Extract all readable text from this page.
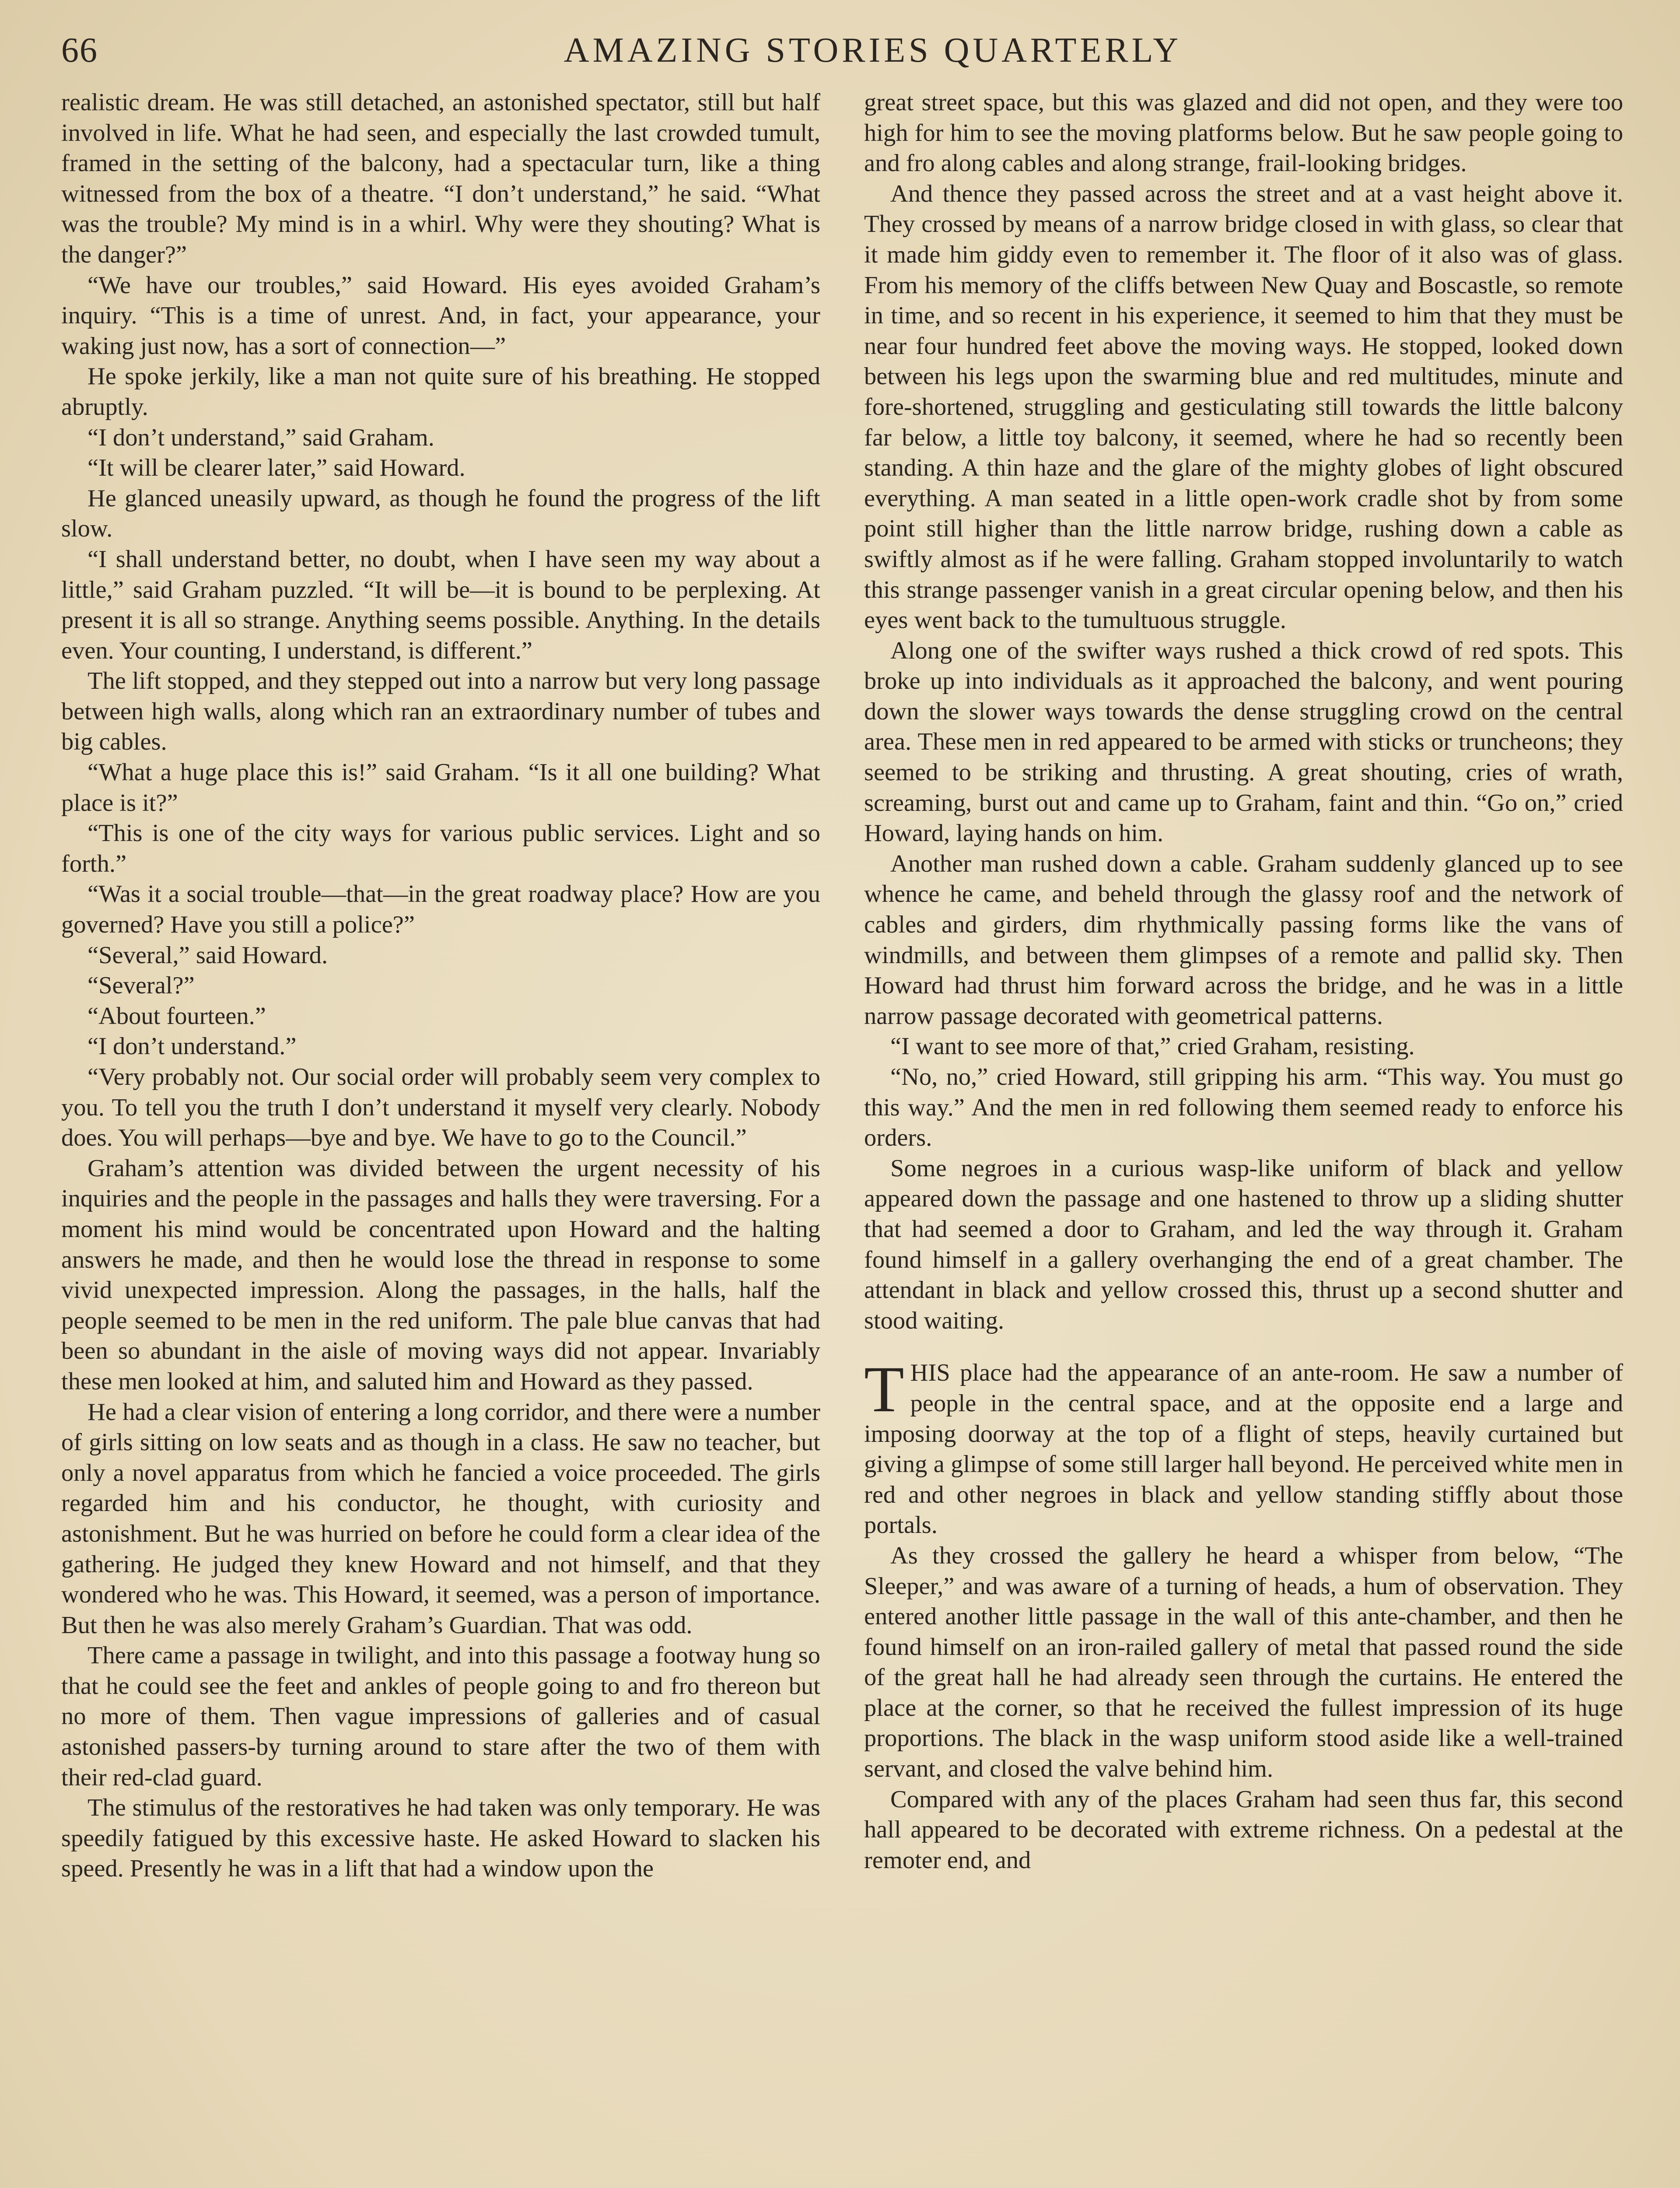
66	AMAZING STORIES QUARTERLY

realistic dream. He was still detached, an astonished spectator, still but half involved in life. What he had seen, and especially the last crowded tumult, framed in the setting of the balcony, had a spectacular turn, like a thing witnessed from the box of a theatre. “I don’t understand,” he said. “What was the trouble? My mind is in a whirl. Why were they shouting? What is the danger?”

“We have our troubles,” said Howard. His eyes avoided Graham’s inquiry. “This is a time of unrest. And, in fact, your appearance, your waking just now, has a sort of connection—”

He spoke jerkily, like a man not quite sure of his breathing. He stopped abruptly.

“I don’t understand,” said Graham.

“It will be clearer later,” said Howard.

He glanced uneasily upward, as though he found the progress of the lift slow.

“I shall understand better, no doubt, when I have seen my way about a little,” said Graham puzzled. “It will be—it is bound to be perplexing. At present it is all so strange. Anything seems possible. Anything. In the details even. Your counting, I understand, is different.”

The lift stopped, and they stepped out into a narrow but very long passage between high walls, along which ran an extraordinary number of tubes and big cables.

“What a huge place this is!” said Graham. “Is it all one building? What place is it?”

“This is one of the city ways for various public services. Light and so forth.”

“Was it a social trouble—that—in the great roadway place? How are you governed? Have you still a police?”

“Several,” said Howard.

“Several?”

“About fourteen.”

“I don’t understand.”

“Very probably not. Our social order will probably seem very complex to you. To tell you the truth I don’t understand it myself very clearly. Nobody does. You will perhaps—bye and bye. We have to go to the Council.”

Graham’s attention was divided between the urgent necessity of his inquiries and the people in the passages and halls they were traversing. For a moment his mind would be concentrated upon Howard and the halting answers he made, and then he would lose the thread in response to some vivid unexpected impression. Along the passages, in the halls, half the people seemed to be men in the red uniform. The pale blue canvas that had been so abundant in the aisle of moving ways did not appear. Invariably these men looked at him, and saluted him and Howard as they passed.

He had a clear vision of entering a long corridor, and there were a number of girls sitting on low seats and as though in a class. He saw no teacher, but only a novel apparatus from which he fancied a voice proceeded. The girls regarded him and his conductor, he thought, with curiosity and astonishment. But he was hurried on before he could form a clear idea of the gathering. He judged they knew Howard and not himself, and that they wondered who he was. This Howard, it seemed, was a person of importance. But then he was also merely Graham’s Guardian. That was odd.

There came a passage in twilight, and into this passage a footway hung so that he could see the feet and ankles of people going to and fro thereon but no more of them. Then vague impressions of galleries and of casual astonished passers-by turning around to stare after the two of them with their red-clad guard.

The stimulus of the restoratives he had taken was only temporary. He was speedily fatigued by this excessive haste. He asked Howard to slacken his speed. Presently he was in a lift that had a window upon the

great street space, but this was glazed and did not open, and they were too high for him to see the moving platforms below. But he saw people going to and fro along cables and along strange, frail-looking bridges.

And thence they passed across the street and at a vast height above it. They crossed by means of a narrow bridge closed in with glass, so clear that it made him giddy even to remember it. The floor of it also was of glass. From his memory of the cliffs between New Quay and Boscastle, so remote in time, and so recent in his experience, it seemed to him that they must be near four hundred feet above the moving ways. He stopped, looked down between his legs upon the swarming blue and red multitudes, minute and fore-shortened, struggling and gesticulating still towards the little balcony far below, a little toy balcony, it seemed, where he had so recently been standing. A thin haze and the glare of the mighty globes of light obscured everything. A man seated in a little open-work cradle shot by from some point still higher than the little narrow bridge, rushing down a cable as swiftly almost as if he were falling. Graham stopped involuntarily to watch this strange passenger vanish in a great circular opening below, and then his eyes went back to the tumultuous struggle.

Along one of the swifter ways rushed a thick crowd of red spots. This broke up into individuals as it approached the balcony, and went pouring down the slower ways towards the dense struggling crowd on the central area. These men in red appeared to be armed with sticks or truncheons; they seemed to be striking and thrusting. A great shouting, cries of wrath, screaming, burst out and came up to Graham, faint and thin. “Go on,” cried Howard, laying hands on him.

Another man rushed down a cable. Graham suddenly glanced up to see whence he came, and beheld through the glassy roof and the network of cables and girders, dim rhythmically passing forms like the vans of windmills, and between them glimpses of a remote and pallid sky. Then Howard had thrust him forward across the bridge, and he was in a little narrow passage decorated with geometrical patterns.

“I want to see more of that,” cried Graham, resisting.

“No, no,” cried Howard, still gripping his arm. “This way. You must go this way.” And the men in red following them seemed ready to enforce his orders.

Some negroes in a curious wasp-like uniform of black and yellow appeared down the passage and one hastened to throw up a sliding shutter that had seemed a door to Graham, and led the way through it. Graham found himself in a gallery overhanging the end of a great chamber. The attendant in black and yellow crossed this, thrust up a second shutter and stood waiting.

THIS place had the appearance of an ante-room. He saw a number of people in the central space, and at the opposite end a large and imposing doorway at the top of a flight of steps, heavily curtained but giving a glimpse of some still larger hall beyond. He perceived white men in red and other negroes in black and yellow standing stiffly about those portals.

As they crossed the gallery he heard a whisper from below, “The Sleeper,” and was aware of a turning of heads, a hum of observation. They entered another little passage in the wall of this ante-chamber, and then he found himself on an iron-railed gallery of metal that passed round the side of the great hall he had already seen through the curtains. He entered the place at the corner, so that he received the fullest impression of its huge proportions. The black in the wasp uniform stood aside like a well-trained servant, and closed the valve behind him.

Compared with any of the places Graham had seen thus far, this second hall appeared to be decorated with extreme richness. On a pedestal at the remoter end, and
